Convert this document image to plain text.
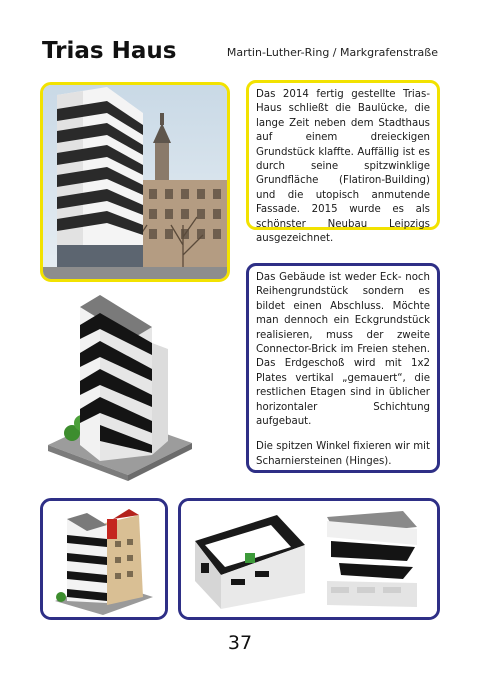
Trias Haus	Martin-Luther-Ring / Markgrafenstraße
Das 2014 fertig gestellte Trias-Haus schließt die Baulücke, die lange Zeit neben dem Stadthaus auf einem dreieckigen Grundstück klaffte. Auffällig ist es durch seine spitzwinklige Grundfläche (Flatiron-Building) und die utopisch anmutende Fassade. 2015 wurde es als schönster Neubau Leipzigs ausgezeichnet.

Das Gebäude ist weder Eck- noch Reihengrundstück sondern es bildet einen Abschluss. Möchte man dennoch ein Eckgrundstück realisieren, muss der zweite Connector-Brick im Freien stehen. Das Erdgeschoß wird mit 1x2 Plates vertikal „gemauert“, die restlichen Etagen sind in üblicher horizontaler Schichtung aufgebaut.

Die spitzen Winkel fixieren wir mit Scharniersteinen (Hinges).

37
